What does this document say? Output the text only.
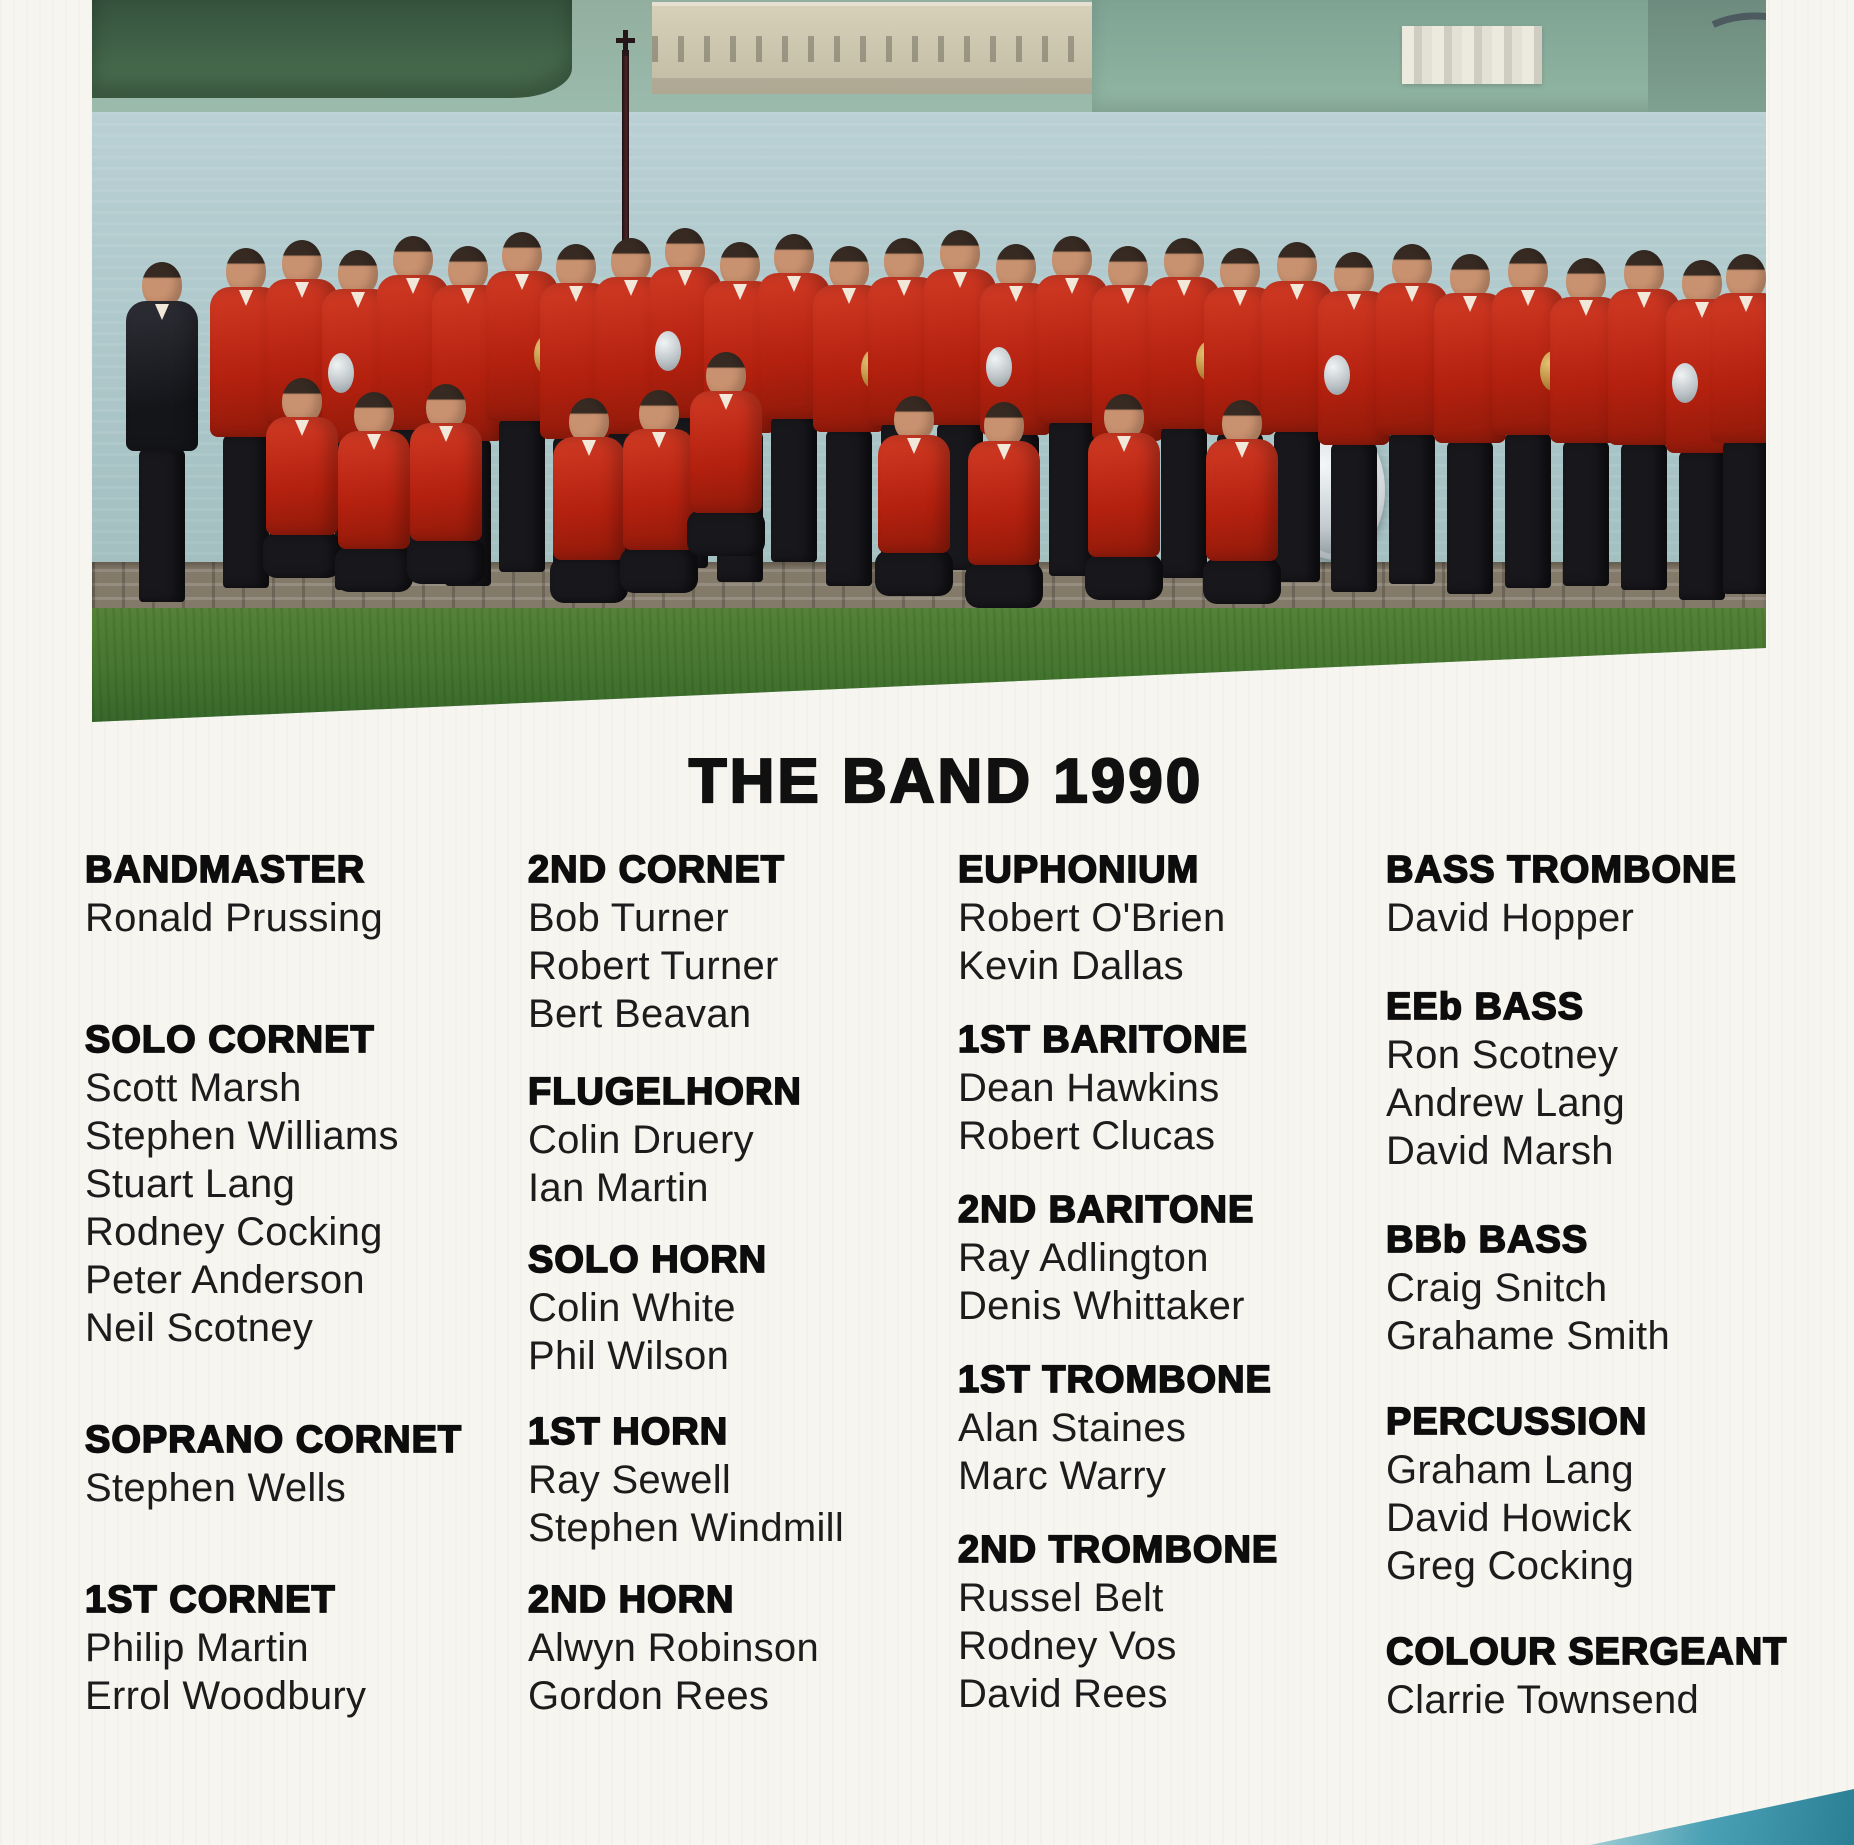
THE BAND 1990
BANDMASTER
Ronald Prussing
SOLO CORNET
Scott Marsh
Stephen Williams
Stuart Lang
Rodney Cocking
Peter Anderson
Neil Scotney
SOPRANO CORNET
Stephen Wells
1ST CORNET
Philip Martin
Errol Woodbury
2ND CORNET
Bob Turner
Robert Turner
Bert Beavan
FLUGELHORN
Colin Druery
Ian Martin
SOLO HORN
Colin White
Phil Wilson
1ST HORN
Ray Sewell
Stephen Windmill
2ND HORN
Alwyn Robinson
Gordon Rees
EUPHONIUM
Robert O'Brien
Kevin Dallas
1ST BARITONE
Dean Hawkins
Robert Clucas
2ND BARITONE
Ray Adlington
Denis Whittaker
1ST TROMBONE
Alan Staines
Marc Warry
2ND TROMBONE
Russel Belt
Rodney Vos
David Rees
BASS TROMBONE
David Hopper
EEb BASS
Ron Scotney
Andrew Lang
David Marsh
BBb BASS
Craig Snitch
Grahame Smith
PERCUSSION
Graham Lang
David Howick
Greg Cocking
COLOUR SERGEANT
Clarrie Townsend
